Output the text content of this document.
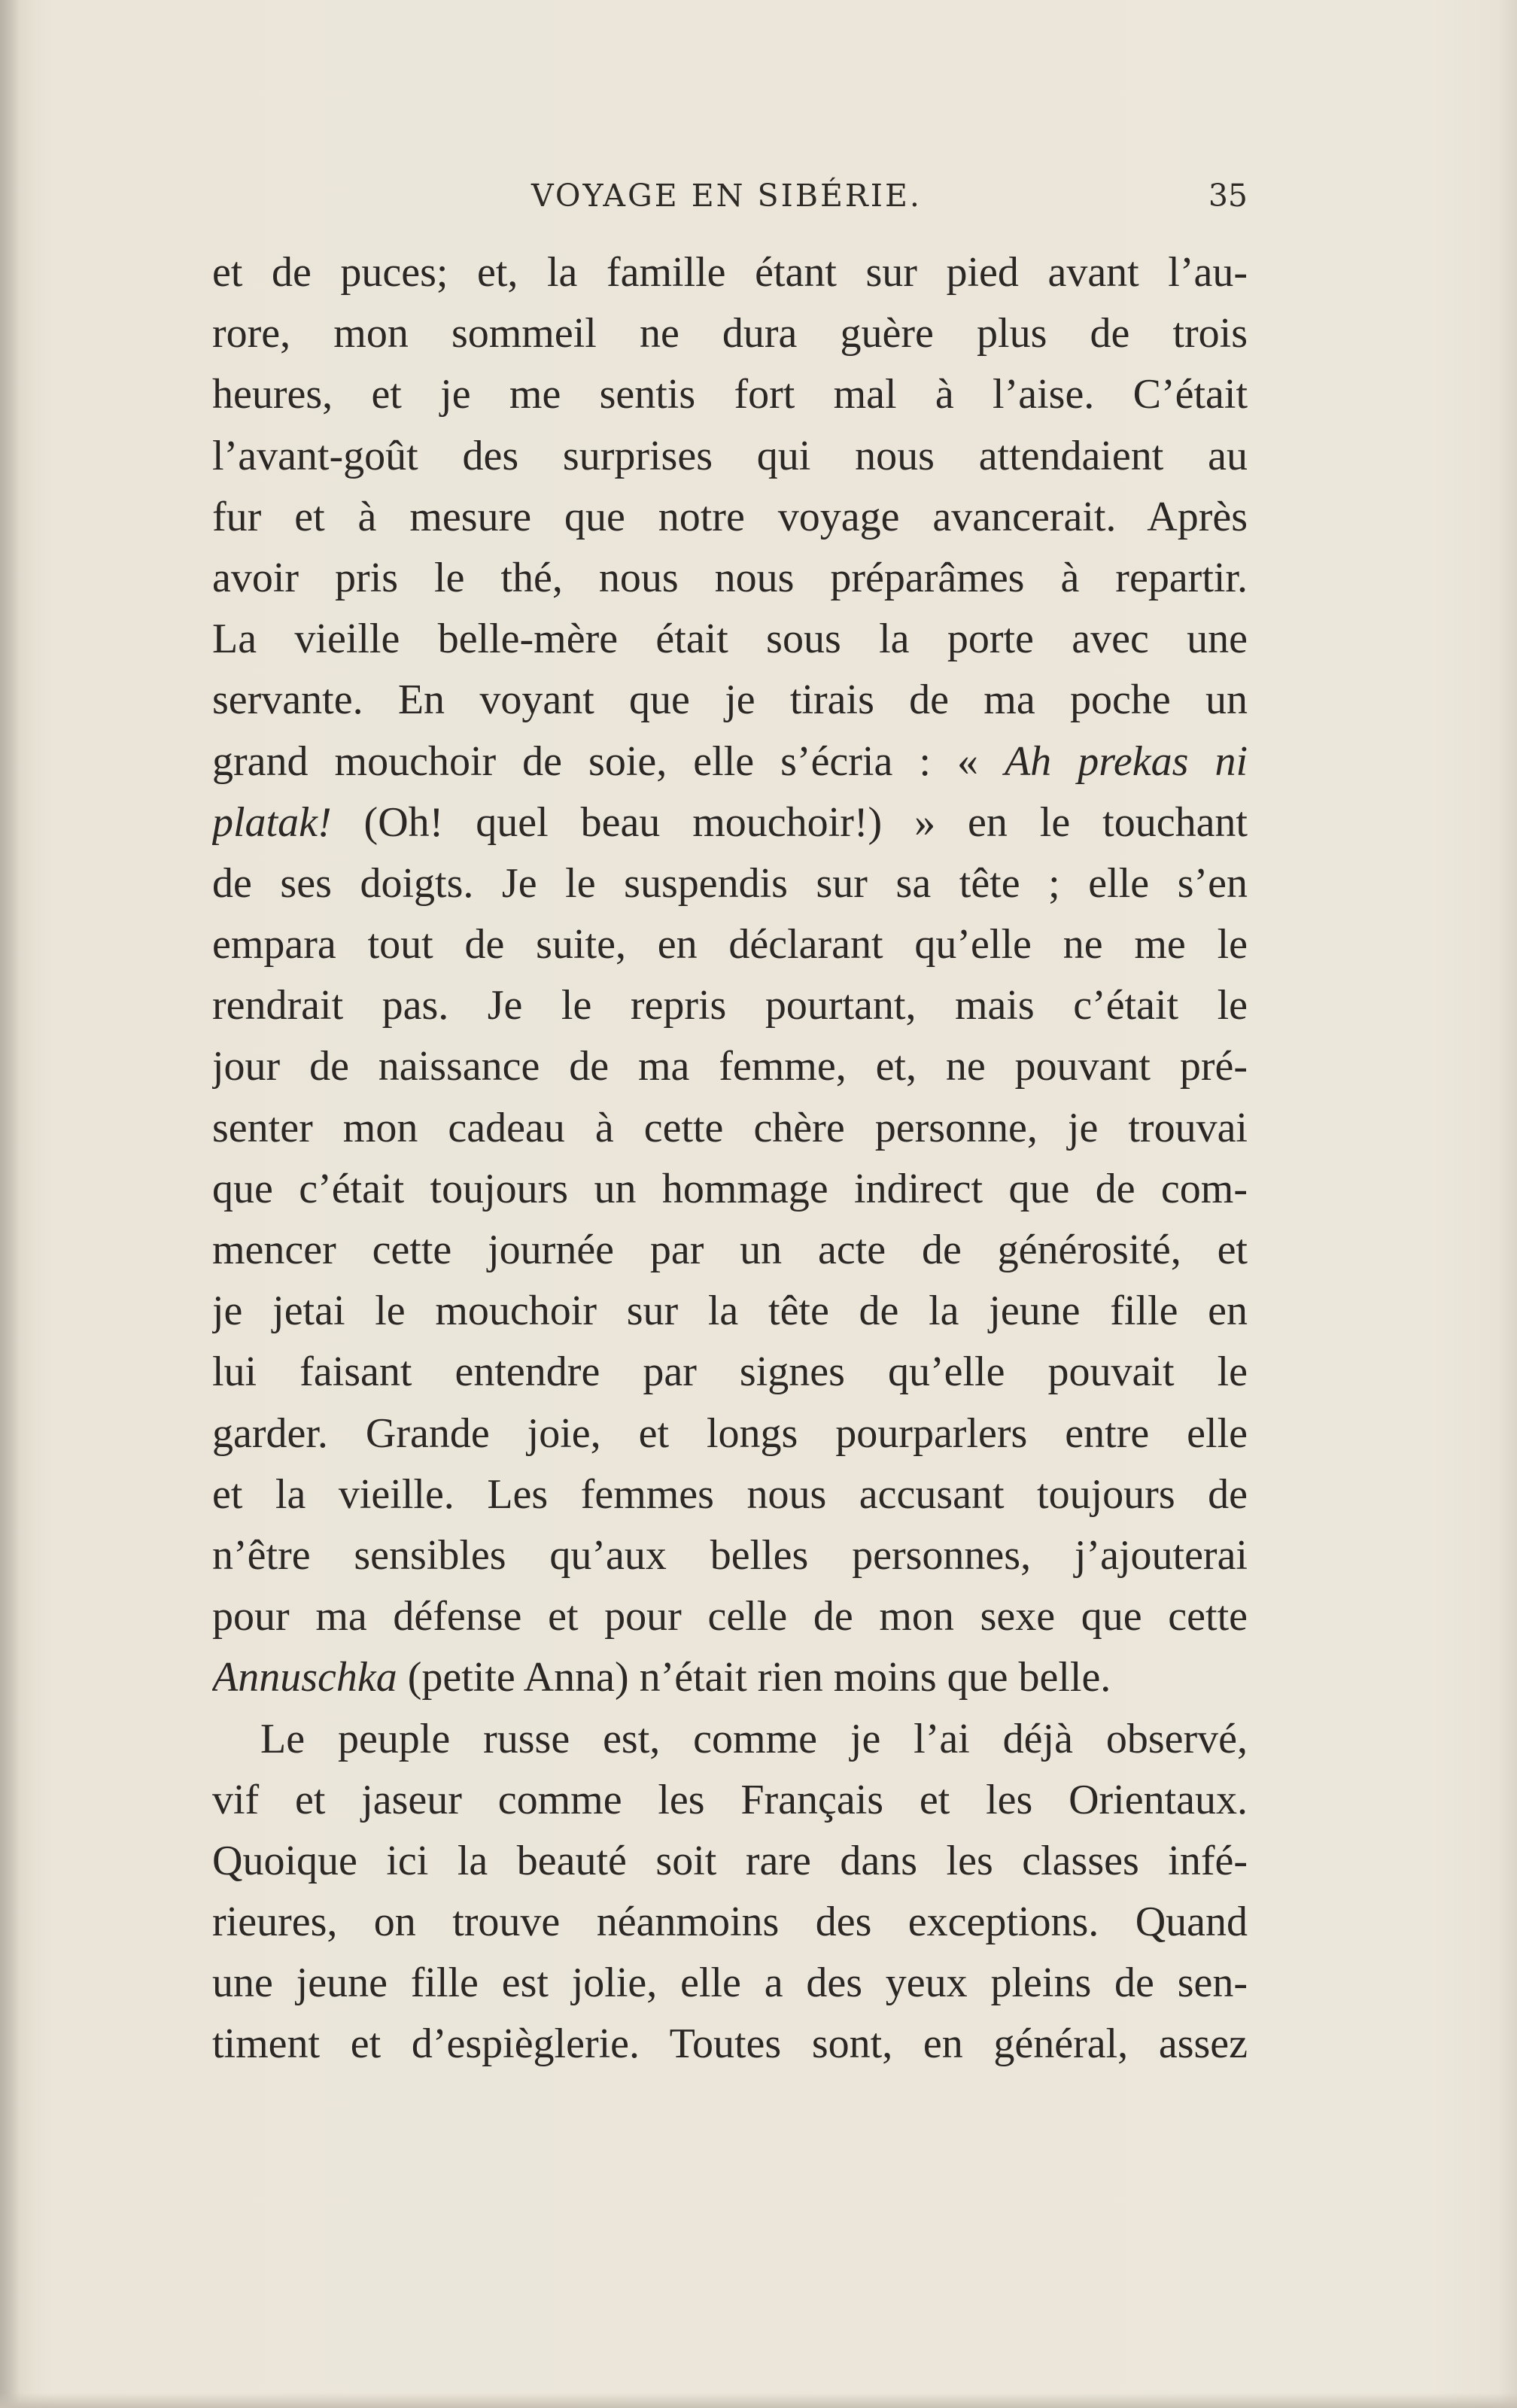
VOYAGE EN SIBÉRIE.	35
et de puces; et, la famille étant sur pied avant l’au-
rore, mon sommeil ne dura guère plus de trois
heures, et je me sentis fort mal à l’aise. C’était
l’avant-goût des surprises qui nous attendaient au
fur et à mesure que notre voyage avancerait. Après
avoir pris le thé, nous nous préparâmes à repartir.
La vieille belle-mère était sous la porte avec une
servante. En voyant que je tirais de ma poche un
grand mouchoir de soie, elle s’écria : « Ah prekas ni
platak! (Oh! quel beau mouchoir!) » en le touchant
de ses doigts. Je le suspendis sur sa tête ; elle s’en
empara tout de suite, en déclarant qu’elle ne me le
rendrait pas. Je le repris pourtant, mais c’était le
jour de naissance de ma femme, et, ne pouvant pré-
senter mon cadeau à cette chère personne, je trouvai
que c’était toujours un hommage indirect que de com-
mencer cette journée par un acte de générosité, et
je jetai le mouchoir sur la tête de la jeune fille en
lui faisant entendre par signes qu’elle pouvait le
garder. Grande joie, et longs pourparlers entre elle
et la vieille. Les femmes nous accusant toujours de
n’être sensibles qu’aux belles personnes, j’ajouterai
pour ma défense et pour celle de mon sexe que cette
Annuschka (petite Anna) n’était rien moins que belle.
Le peuple russe est, comme je l’ai déjà observé,
vif et jaseur comme les Français et les Orientaux.
Quoique ici la beauté soit rare dans les classes infé-
rieures, on trouve néanmoins des exceptions. Quand
une jeune fille est jolie, elle a des yeux pleins de sen-
timent et d’espièglerie. Toutes sont, en général, assez
